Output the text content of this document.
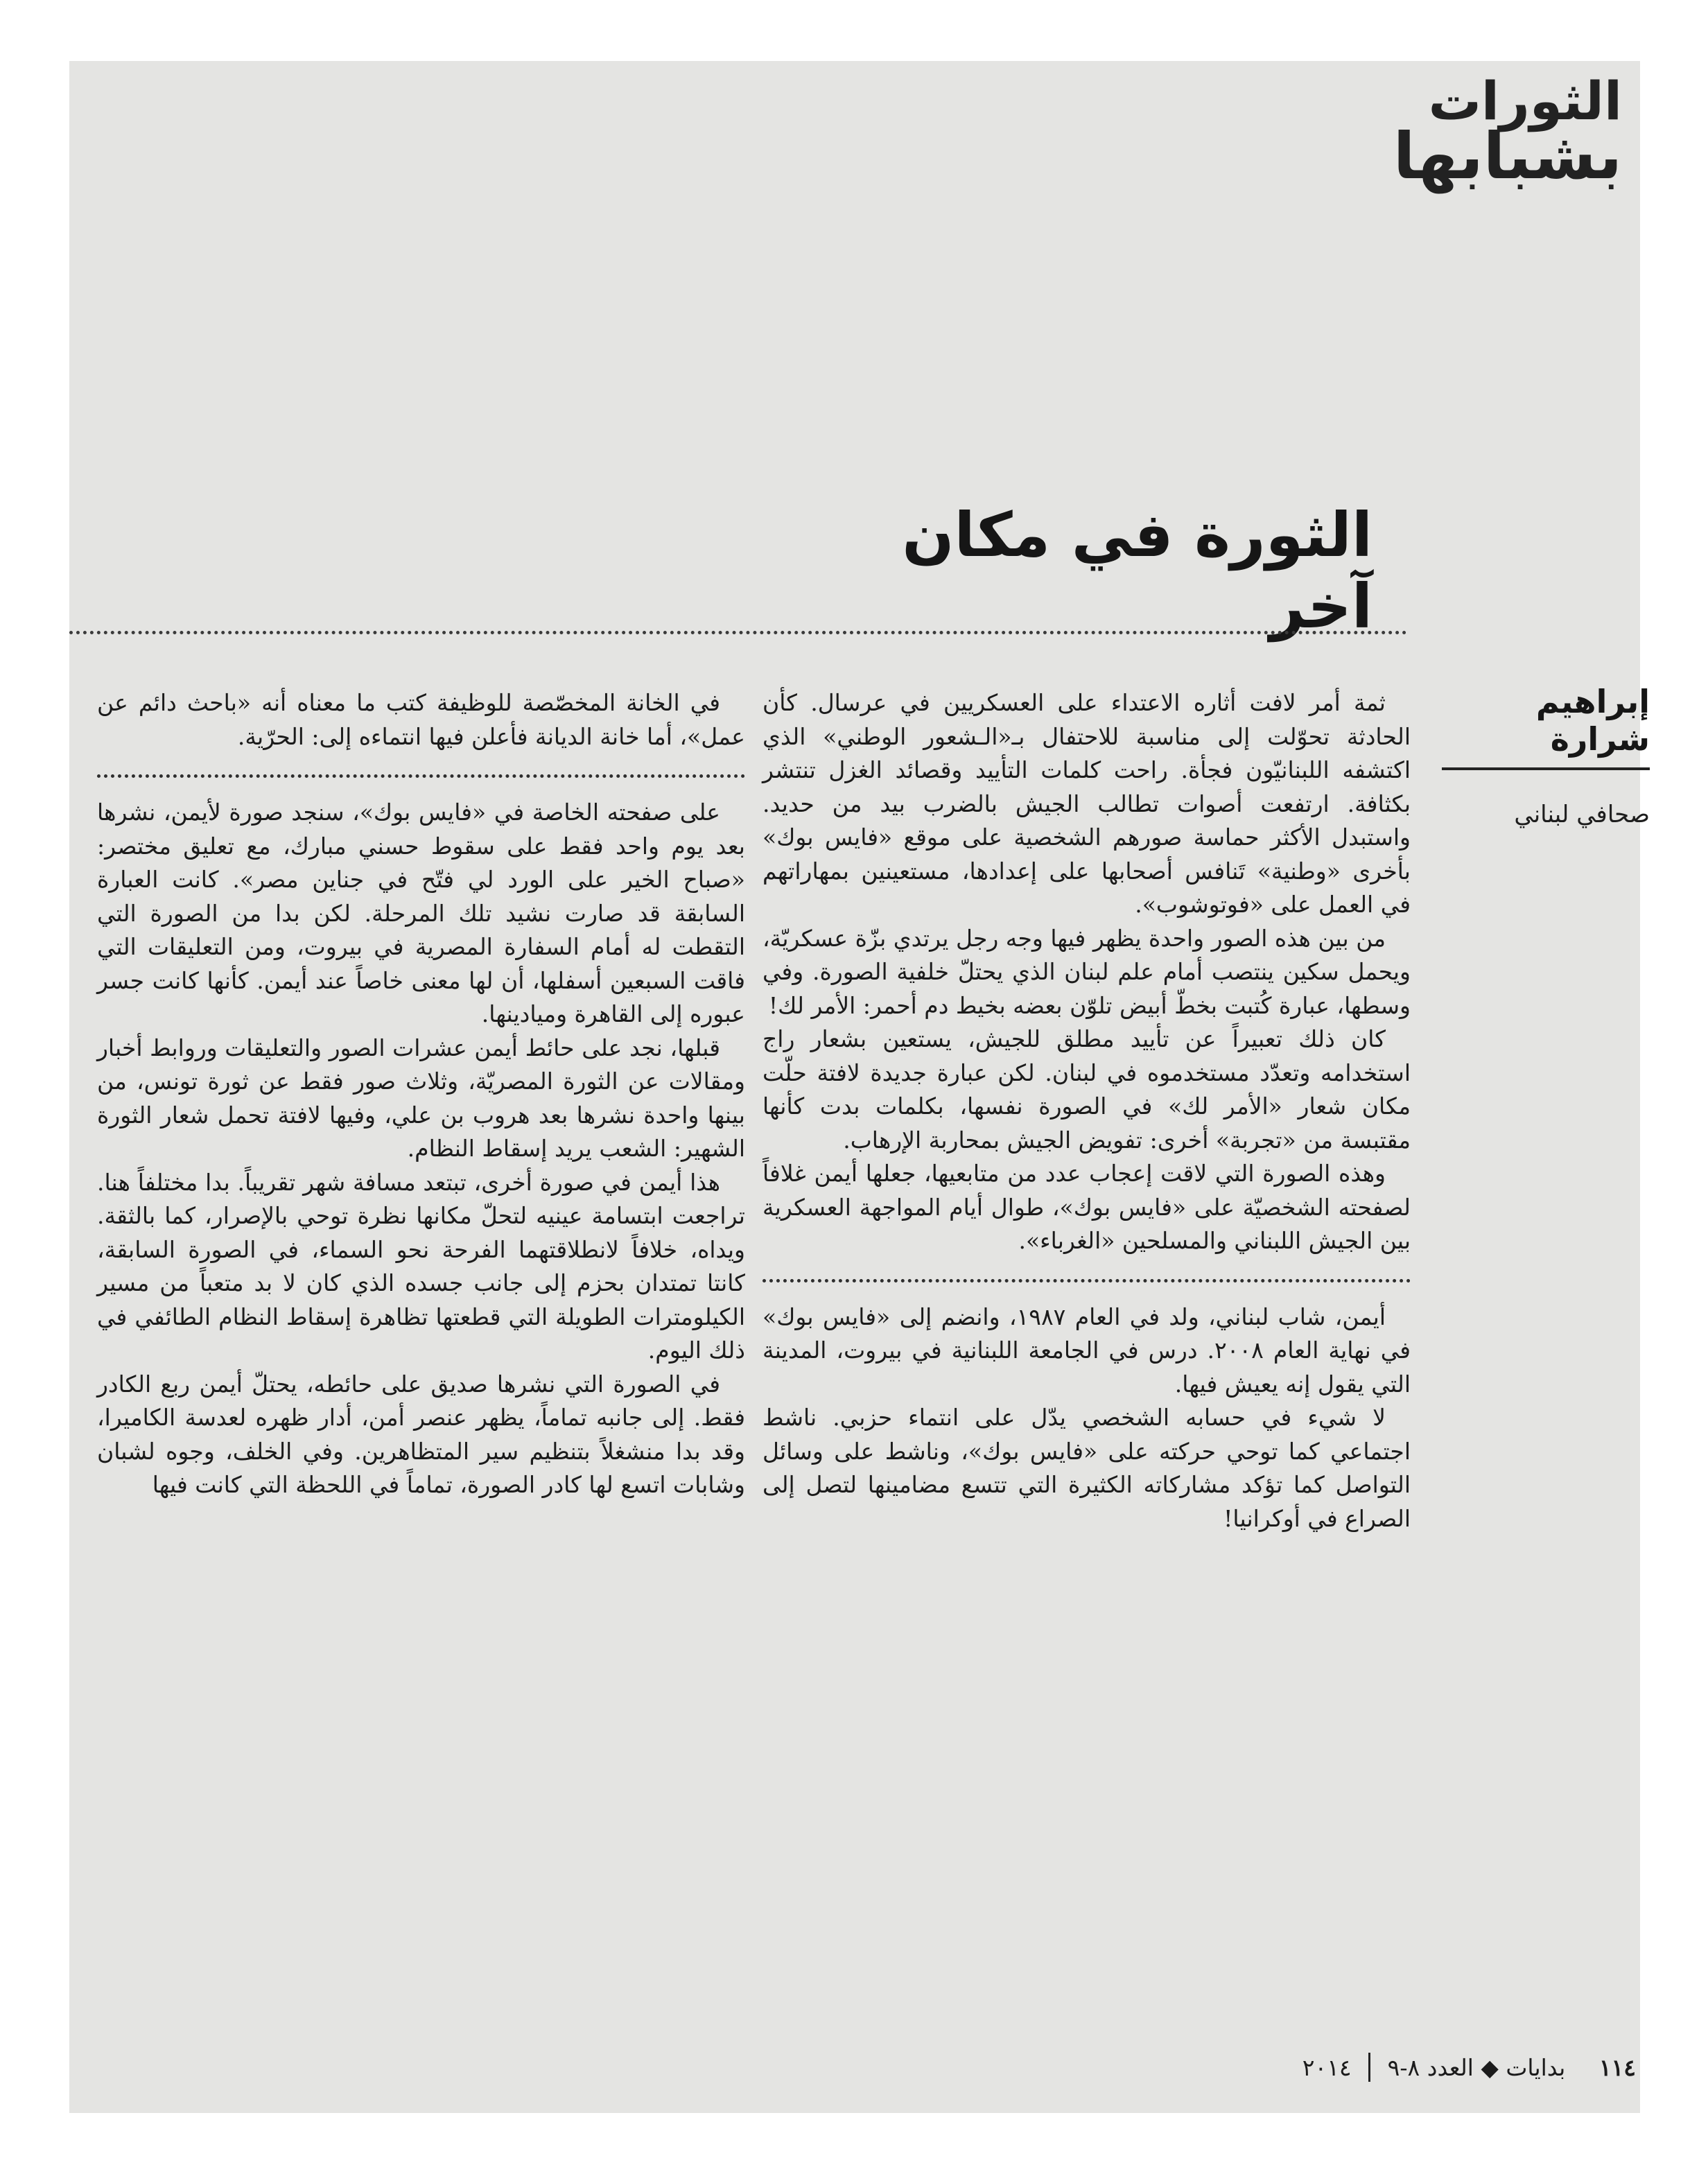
الثورات
بشبابها
الثورة في مكان آخر
إبراهيم شرارة
صحافي لبناني

ثمة أمر لافت أثاره الاعتداء على العسكريين في عرسال. كأن الحادثة تحوّلت إلى مناسبة للاحتفال بـ«الـشعور الوطني» الذي اكتشفه اللبنانيّون فجأة. راحت كلمات التأييد وقصائد الغزل تنتشر بكثافة. ارتفعت أصوات تطالب الجيش بالضرب بيد من حديد. واستبدل الأكثر حماسة صورهم الشخصية على موقع «فايس بوك» بأخرى «وطنية» تَنافس أصحابها على إعدادها، مستعينين بمهاراتهم في العمل على «فوتوشوب».

من بين هذه الصور واحدة يظهر فيها وجه رجل يرتدي بزّة عسكريّة، ويحمل سكين ينتصب أمام علم لبنان الذي يحتلّ خلفية الصورة. وفي وسطها، عبارة كُتبت بخطّ أبيض تلوّن بعضه بخيط دم أحمر: الأمر لك!

كان ذلك تعبيراً عن تأييد مطلق للجيش، يستعين بشعار راج استخدامه وتعدّد مستخدموه في لبنان. لكن عبارة جديدة لافتة حلّت مكان شعار «الأمر لك» في الصورة نفسها، بكلمات بدت كأنها مقتبسة من «تجربة» أخرى: تفويض الجيش بمحاربة الإرهاب.

وهذه الصورة التي لاقت إعجاب عدد من متابعيها، جعلها أيمن غلافاً لصفحته الشخصيّة على «فايس بوك»، طوال أيام المواجهة العسكرية بين الجيش اللبناني والمسلحين «الغرباء».

أيمن، شاب لبناني، ولد في العام ١٩٨٧، وانضم إلى «فايس بوك» في نهاية العام ٢٠٠٨. درس في الجامعة اللبنانية في بيروت، المدينة التي يقول إنه يعيش فيها.

لا شيء في حسابه الشخصي يدّل على انتماء حزبي. ناشط اجتماعي كما توحي حركته على «فايس بوك»، وناشط على وسائل التواصل كما تؤكد مشاركاته الكثيرة التي تتسع مضامينها لتصل إلى الصراع في أوكرانيا!

في الخانة المخصّصة للوظيفة كتب ما معناه أنه «باحث دائم عن عمل»، أما خانة الديانة فأعلن فيها انتماءه إلى: الحرّية.

على صفحته الخاصة في «فايس بوك»، سنجد صورة لأيمن، نشرها بعد يوم واحد فقط على سقوط حسني مبارك، مع تعليق مختصر: «صباح الخير على الورد لي فتّح في جناين مصر». كانت العبارة السابقة قد صارت نشيد تلك المرحلة. لكن بدا من الصورة التي التقطت له أمام السفارة المصرية في بيروت، ومن التعليقات التي فاقت السبعين أسفلها، أن لها معنى خاصاً عند أيمن. كأنها كانت جسر عبوره إلى القاهرة وميادينها.

قبلها، نجد على حائط أيمن عشرات الصور والتعليقات وروابط أخبار ومقالات عن الثورة المصريّة، وثلاث صور فقط عن ثورة تونس، من بينها واحدة نشرها بعد هروب بن علي، وفيها لافتة تحمل شعار الثورة الشهير: الشعب يريد إسقاط النظام.

هذا أيمن في صورة أخرى، تبتعد مسافة شهر تقريباً. بدا مختلفاً هنا. تراجعت ابتسامة عينيه لتحلّ مكانها نظرة توحي بالإصرار، كما بالثقة. ويداه، خلافاً لانطلاقتهما الفرحة نحو السماء، في الصورة السابقة، كانتا تمتدان بحزم إلى جانب جسده الذي كان لا بد متعباً من مسير الكيلومترات الطويلة التي قطعتها تظاهرة إسقاط النظام الطائفي في ذلك اليوم.

في الصورة التي نشرها صديق على حائطه، يحتلّ أيمن ربع الكادر فقط. إلى جانبه تماماً، يظهر عنصر أمن، أدار ظهره لعدسة الكاميرا، وقد بدا منشغلاً بتنظيم سير المتظاهرين. وفي الخلف، وجوه لشبان وشابات اتسع لها كادر الصورة، تماماً في اللحظة التي كانت فيها

١١٤ بدايات ◆ العدد ٨-٩  ٢٠١٤
